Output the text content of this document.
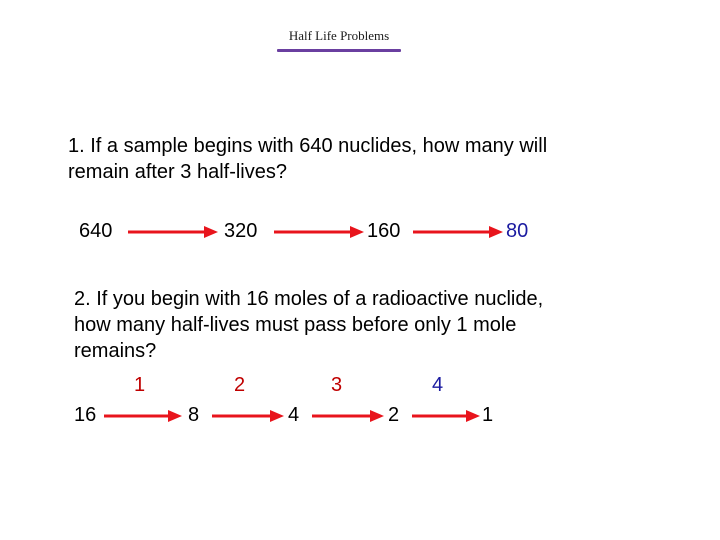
Half Life Problems
1. If a sample begins with 640 nuclides, how many will
remain after 3 half-lives?
640	320	160	80
2. If you begin with 16 moles of a radioactive nuclide,
how many half-lives must pass before only 1 mole
remains?
1	2	3	4
16	8	4	2	1
